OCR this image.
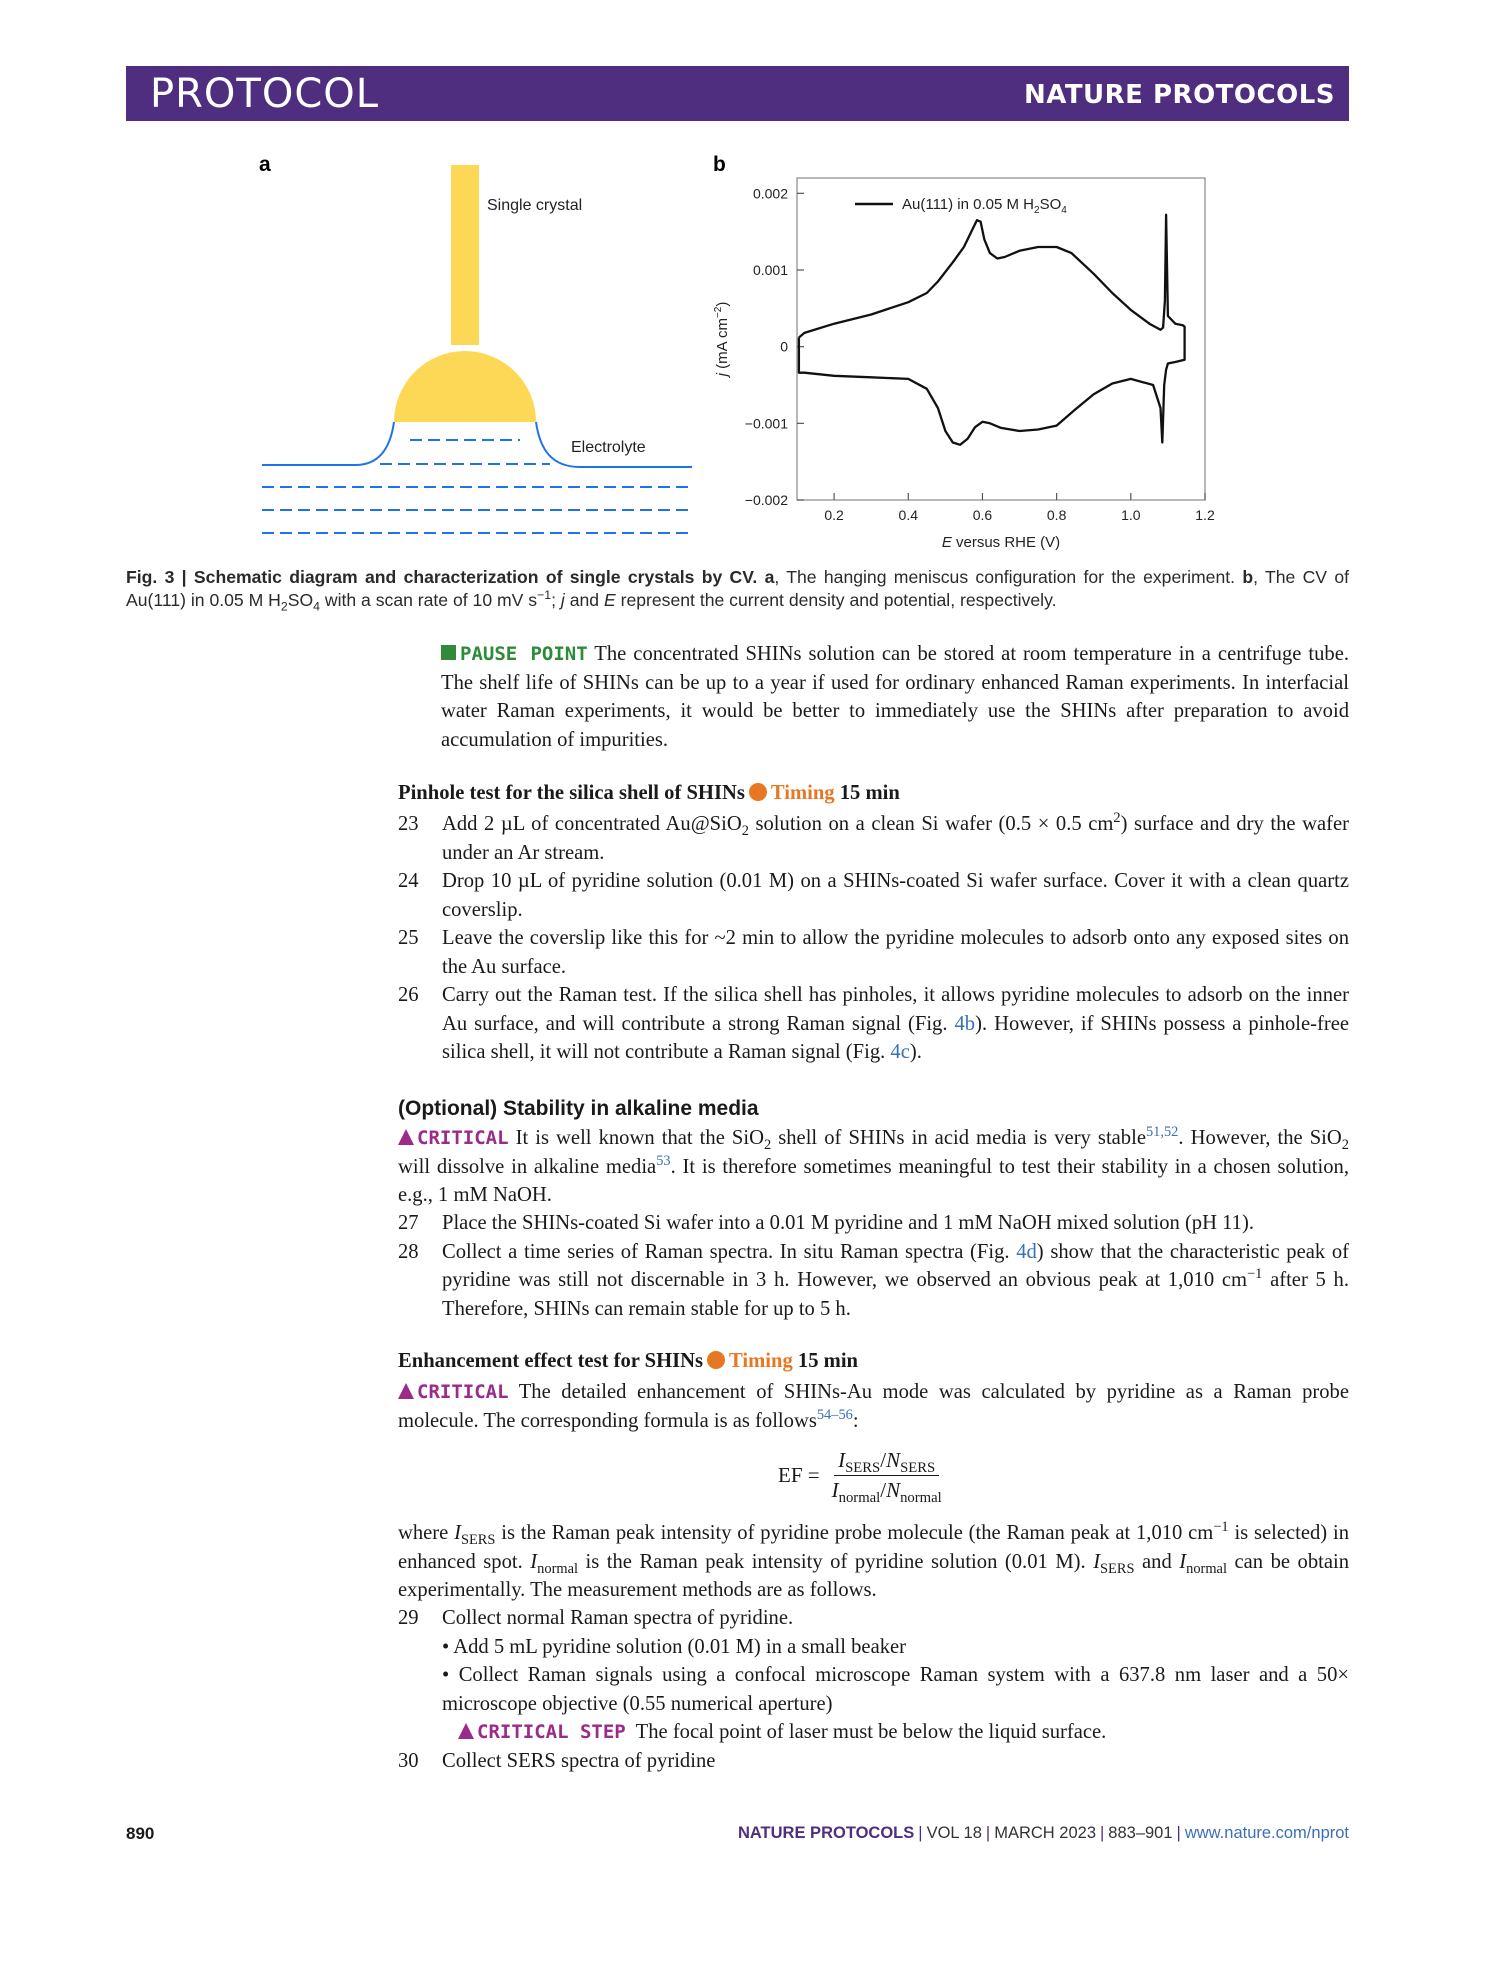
PROTOCOL	NATURE PROTOCOLS
a
Single crystal
Electrolyte
b
0.002
0.001
0
−0.001
−0.002
0.2	0.4	0.6	0.8	1.0	1.2
j (mA $cm^{-2}$)
E versus RHE (V)
Au(111) in 0.05 M $H_2SO_4$
Fig. 3 | Schematic diagram and characterization of single crystals by CV. a, The hanging meniscus configuration for the experiment. b, The CV of Au(111) in 0.05 M $H_2SO_4$ with a scan rate of 10 mV $s^{-1}$; j and E represent the current density and potential, respectively.
PAUSE POINT The concentrated SHINs solution can be stored at room temperature in a centrifuge tube. The shelf life of SHINs can be up to a year if used for ordinary enhanced Raman experiments. In interfacial water Raman experiments, it would be better to immediately use the SHINs after preparation to avoid accumulation of impurities.
Pinhole test for the silica shell of SHINs Timing 15 min
23 Add 2 µL of concentrated Au@SiO$_2$ solution on a clean Si wafer (0.5 × 0.5 $cm^2$) surface and dry the wafer under an Ar stream.
24 Drop 10 µL of pyridine solution (0.01 M) on a SHINs-coated Si wafer surface. Cover it with a clean quartz coverslip.
25 Leave the coverslip like this for ~2 min to allow the pyridine molecules to adsorb onto any exposed sites on the Au surface.
26 Carry out the Raman test. If the silica shell has pinholes, it allows pyridine molecules to adsorb on the inner Au surface, and will contribute a strong Raman signal (Fig. 4b). However, if SHINs possess a pinhole-free silica shell, it will not contribute a Raman signal (Fig. 4c).
(Optional) Stability in alkaline media
CRITICAL It is well known that the SiO$_2$ shell of SHINs in acid media is very stable$^{51,52}$. However, the SiO$_2$ will dissolve in alkaline media$^{53}$. It is therefore sometimes meaningful to test their stability in a chosen solution, e.g., 1 mM NaOH.
27 Place the SHINs-coated Si wafer into a 0.01 M pyridine and 1 mM NaOH mixed solution (pH 11).
28 Collect a time series of Raman spectra. In situ Raman spectra (Fig. 4d) show that the characteristic peak of pyridine was still not discernable in 3 h. However, we observed an obvious peak at 1,010 $cm^{-1}$ after 5 h. Therefore, SHINs can remain stable for up to 5 h.
Enhancement effect test for SHINs Timing 15 min
CRITICAL The detailed enhancement of SHINs-Au mode was calculated by pyridine as a Raman probe molecule. The corresponding formula is as follows$^{54-56}$:
EF =
$I_{SERS}/N_{SERS}$
$I_{normal}/N_{normal}$
where $I_{SERS}$ is the Raman peak intensity of pyridine probe molecule (the Raman peak at 1,010 $cm^{-1}$ is selected) in enhanced spot. $I_{normal}$ is the Raman peak intensity of pyridine solution (0.01 M). $I_{SERS}$ and $I_{normal}$ can be obtain experimentally. The measurement methods are as follows.
29 Collect normal Raman spectra of pyridine.
• Add 5 mL pyridine solution (0.01 M) in a small beaker
• Collect Raman signals using a confocal microscope Raman system with a 637.8 nm laser and a 50× microscope objective (0.55 numerical aperture)
CRITICAL STEP The focal point of laser must be below the liquid surface.
30 Collect SERS spectra of pyridine
890	NATURE PROTOCOLS | VOL 18 | MARCH 2023 | 883–901 | www.nature.com/nprot
